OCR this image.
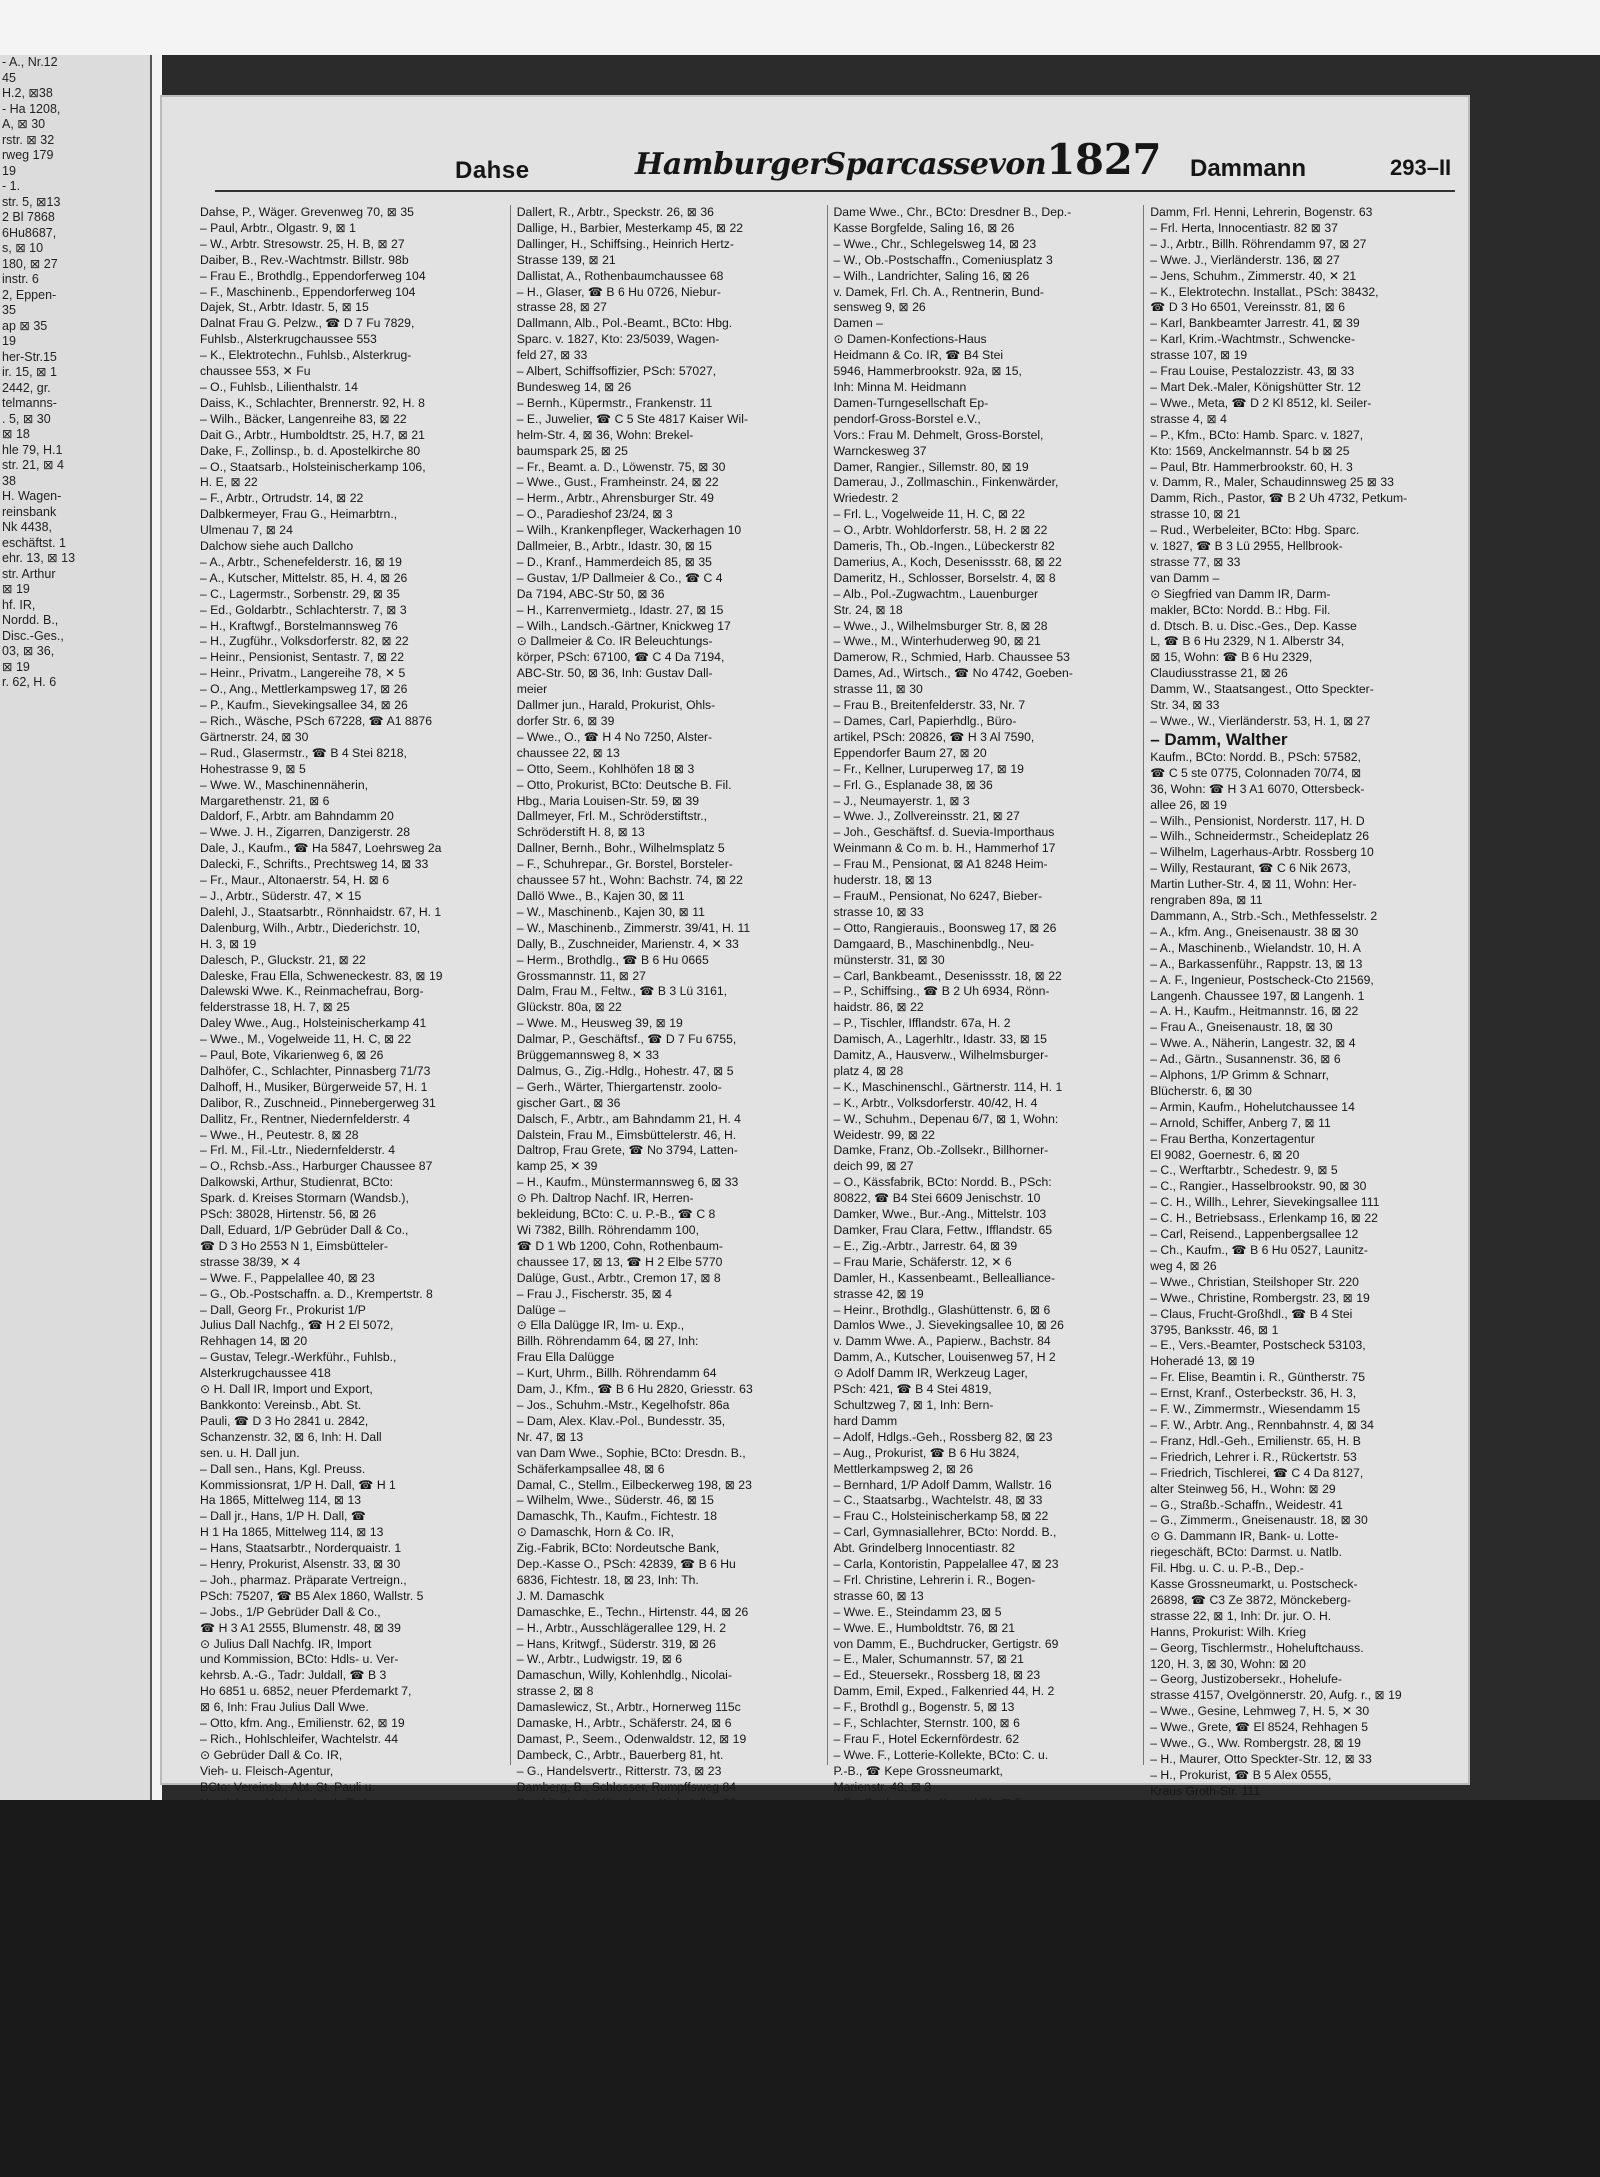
- A., Nr.12
45
H.2, ⊠38
- Ha 1208,
A, ⊠ 30
rstr. ⊠ 32
rweg 179
19
- 1.
str. 5, ⊠13
2 Bl 7868
6Hu8687,
s, ⊠ 10
180, ⊠ 27
instr. 6
2, Eppen-
35
ap ⊠ 35
19
her-Str.15
ir. 15, ⊠ 1
2442, gr.
telmanns-
. 5, ⊠ 30
⊠ 18
hle 79, H.1
str. 21, ⊠ 4
38
H. Wagen-
reinsbank
Nk 4438,
eschäftst. 1
ehr. 13, ⊠ 13
str. Arthur
⊠ 19
hf. IR,
Nordd. B.,
Disc.-Ges.,
03, ⊠ 36,
⊠ 19
r. 62, H. 6
Dahse	HamburgerSparcassevon1827 Dammann	293–II
Dahse, P., Wäger. Grevenweg 70, ⊠ 35
– Paul, Arbtr., Olgastr. 9, ⊠ 1
– W., Arbtr. Stresowstr. 25, H. B, ⊠ 27
Daiber, B., Rev.-Wachtmstr. Billstr. 98b
– Frau E., Brothdlg., Eppendorferweg 104
– F., Maschinenb., Eppendorferweg 104
Dajek, St., Arbtr. Idastr. 5, ⊠ 15
Dalnat Frau G. Pelzw., ☎ D 7 Fu 7829,
Fuhlsb., Alsterkrugchaussee 553
– K., Elektrotechn., Fuhlsb., Alsterkrug-
chaussee 553, ✕ Fu
– O., Fuhlsb., Lilienthalstr. 14
Daiss, K., Schlachter, Brennerstr. 92, H. 8
– Wilh., Bäcker, Langenreihe 83, ⊠ 22
Dait G., Arbtr., Humboldtstr. 25, H.7, ⊠ 21
Dake, F., Zollinsp., b. d. Apostelkirche 80
– O., Staatsarb., Holsteinischerkamp 106,
H. E, ⊠ 22
– F., Arbtr., Ortrudstr. 14, ⊠ 22
Dalbkermeyer, Frau G., Heimarbtrn.,
Ulmenau 7, ⊠ 24
Dalchow siehe auch Dallcho
– A., Arbtr., Schenefelderstr. 16, ⊠ 19
– A., Kutscher, Mittelstr. 85, H. 4, ⊠ 26
– C., Lagermstr., Sorbenstr. 29, ⊠ 35
– Ed., Goldarbtr., Schlachterstr. 7, ⊠ 3
– H., Kraftwgf., Borstelmannsweg 76
– H., Zugführ., Volksdorferstr. 82, ⊠ 22
– Heinr., Pensionist, Sentastr. 7, ⊠ 22
– Heinr., Privatm., Langereihe 78, ✕ 5
– O., Ang., Mettlerkampsweg 17, ⊠ 26
– P., Kaufm., Sievekingsallee 34, ⊠ 26
– Rich., Wäsche, PSch 67228, ☎ A1 8876
Gärtnerstr. 24, ⊠ 30
– Rud., Glasermstr., ☎ B 4 Stei 8218,
Hohestrasse 9, ⊠ 5
– Wwe. W., Maschinennäherin,
Margarethenstr. 21, ⊠ 6
Daldorf, F., Arbtr. am Bahndamm 20
– Wwe. J. H., Zigarren, Danzigerstr. 28
Dale, J., Kaufm., ☎ Ha 5847, Loehrsweg 2a
Dalecki, F., Schrifts., Prechtsweg 14, ⊠ 33
– Fr., Maur., Altonaerstr. 54, H. ⊠ 6
– J., Arbtr., Süderstr. 47, ✕ 15
Dalehl, J., Staatsarbtr., Rönnhaidstr. 67, H. 1
Dalenburg, Wilh., Arbtr., Diederichstr. 10,
H. 3, ⊠ 19
Dalesch, P., Gluckstr. 21, ⊠ 22
Daleske, Frau Ella, Schweneckestr. 83, ⊠ 19
Dalewski Wwe. K., Reinmachefrau, Borg-
felderstrasse 18, H. 7, ⊠ 25
Daley Wwe., Aug., Holsteinischerkamp 41
– Wwe., M., Vogelweide 11, H. C, ⊠ 22
– Paul, Bote, Vikarienweg 6, ⊠ 26
Dalhöfer, C., Schlachter, Pinnasberg 71/73
Dalhoff, H., Musiker, Bürgerweide 57, H. 1
Dalibor, R., Zuschneid., Pinnebergerweg 31
Dallitz, Fr., Rentner, Niedernfelderstr. 4
– Wwe., H., Peutestr. 8, ⊠ 28
– Frl. M., Fil.-Ltr., Niedernfelderstr. 4
– O., Rchsb.-Ass., Harburger Chaussee 87
Dalkowski, Arthur, Studienrat, BCto:
Spark. d. Kreises Stormarn (Wandsb.),
PSch: 38028, Hirtenstr. 56, ⊠ 26
Dall, Eduard, 1/P Gebrüder Dall & Co.,
☎ D 3 Ho 2553 N 1, Eimsbütteler-
strasse 38/39, ✕ 4
– Wwe. F., Pappelallee 40, ⊠ 23
– G., Ob.-Postschaffn. a. D., Krempertstr. 8
– Dall, Georg Fr., Prokurist 1/P
Julius Dall Nachfg., ☎ H 2 El 5072,
Rehhagen 14, ⊠ 20
– Gustav, Telegr.-Werkführ., Fuhlsb.,
Alsterkrugchaussee 418
⊙ H. Dall IR, Import und Export,
Bankkonto: Vereinsb., Abt. St.
Pauli, ☎ D 3 Ho 2841 u. 2842,
Schanzenstr. 32, ⊠ 6, Inh: H. Dall
sen. u. H. Dall jun.
– Dall sen., Hans, Kgl. Preuss.
Kommissionsrat, 1/P H. Dall, ☎ H 1
Ha 1865, Mittelweg 114, ⊠ 13
– Dall jr., Hans, 1/P H. Dall, ☎
H 1 Ha 1865, Mittelweg 114, ⊠ 13
– Hans, Staatsarbtr., Norderquaistr. 1
– Henry, Prokurist, Alsenstr. 33, ⊠ 30
– Joh., pharmaz. Präparate Vertreign.,
PSch: 75207, ☎ B5 Alex 1860, Wallstr. 5
– Jobs., 1/P Gebrüder Dall & Co.,
☎ H 3 A1 2555, Blumenstr. 48, ⊠ 39
⊙ Julius Dall Nachfg. IR, Import
und Kommission, BCto: Hdls- u. Ver-
kehrsb. A.-G., Tadr: Juldall, ☎ B 3
Ho 6851 u. 6852, neuer Pferdemarkt 7,
⊠ 6, Inh: Frau Julius Dall Wwe.
– Otto, kfm. Ang., Emilienstr. 62, ⊠ 19
– Rich., Hohlschleifer, Wachtelstr. 44
⊙ Gebrüder Dall & Co. IR,
Vieh- u. Fleisch-Agentur,
BCto: Vereinsb., Abt. St. Pauli u.
Dallert, R., Arbtr., Speckstr. 26, ⊠ 36
Dallige, H., Barbier, Mesterkamp 45, ⊠ 22
Dallinger, H., Schiffsing., Heinrich Hertz-
Strasse 139, ⊠ 21
Dallistat, A., Rothenbaumchaussee 68
– H., Glaser, ☎ B 6 Hu 0726, Niebur-
strasse 28, ⊠ 27
Dallmann, Alb., Pol.-Beamt., BCto: Hbg.
Sparc. v. 1827, Kto: 23/5039, Wagen-
feld 27, ⊠ 33
– Albert, Schiffsoffizier, PSch: 57027,
Bundesweg 14, ⊠ 26
– Bernh., Küpermstr., Frankenstr. 11
– E., Juwelier, ☎ C 5 Ste 4817 Kaiser Wil-
helm-Str. 4, ⊠ 36, Wohn: Brekel-
baumspark 25, ⊠ 25
– Fr., Beamt. a. D., Löwenstr. 75, ⊠ 30
– Wwe., Gust., Framheinstr. 24, ⊠ 22
– Herm., Arbtr., Ahrensburger Str. 49
– O., Paradieshof 23/24, ⊠ 3
– Wilh., Krankenpfleger, Wackerhagen 10
Dallmeier, B., Arbtr., Idastr. 30, ⊠ 15
– D., Kranf., Hammerdeich 85, ⊠ 35
– Gustav, 1/P Dallmeier & Co., ☎ C 4
Da 7194, ABC-Str 50, ⊠ 36
– H., Karrenvermietg., Idastr. 27, ⊠ 15
– Wilh., Landsch.-Gärtner, Knickweg 17
⊙ Dallmeier & Co. IR Beleuchtungs-
körper, PSch: 67100, ☎ C 4 Da 7194,
ABC-Str. 50, ⊠ 36, Inh: Gustav Dall-
meier
Dallmer jun., Harald, Prokurist, Ohls-
dorfer Str. 6, ⊠ 39
– Wwe., O., ☎ H 4 No 7250, Alster-
chaussee 22, ⊠ 13
– Otto, Seem., Kohlhöfen 18 ⊠ 3
– Otto, Prokurist, BCto: Deutsche B. Fil.
Hbg., Maria Louisen-Str. 59, ⊠ 39
Dallmeyer, Frl. M., Schröderstiftstr.,
Schröderstift H. 8, ⊠ 13
Dallner, Bernh., Bohr., Wilhelmsplatz 5
– F., Schuhrepar., Gr. Borstel, Borsteler-
chaussee 57 ht., Wohn: Bachstr. 74, ⊠ 22
Dallö Wwe., B., Kajen 30, ⊠ 11
– W., Maschinenb., Kajen 30, ⊠ 11
– W., Maschinenb., Zimmerstr. 39/41, H. 11
Dally, B., Zuschneider, Marienstr. 4, ✕ 33
– Herm., Brothdlg., ☎ B 6 Hu 0665
Grossmannstr. 11, ⊠ 27
Dalm, Frau M., Feltw., ☎ B 3 Lü 3161,
Glückstr. 80a, ⊠ 22
– Wwe. M., Heusweg 39, ⊠ 19
Dalmar, P., Geschäftsf., ☎ D 7 Fu 6755,
Brüggemannsweg 8, ✕ 33
Dalmus, G., Zig.-Hdlg., Hohestr. 47, ⊠ 5
– Gerh., Wärter, Thiergartenstr. zoolo-
gischer Gart., ⊠ 36
Dalsch, F., Arbtr., am Bahndamm 21, H. 4
Dalstein, Frau M., Eimsbüttelerstr. 46, H.
Daltrop, Frau Grete, ☎ No 3794, Latten-
kamp 25, ✕ 39
– H., Kaufm., Münstermannsweg 6, ⊠ 33
⊙ Ph. Daltrop Nachf. IR, Herren-
bekleidung, BCto: C. u. P.-B., ☎ C 8
Wi 7382, Billh. Röhrendamm 100,
☎ D 1 Wb 1200, Cohn, Rothenbaum-
chaussee 17, ⊠ 13, ☎ H 2 Elbe 5770
Dalüge, Gust., Arbtr., Cremon 17, ⊠ 8
– Frau J., Fischerstr. 35, ⊠ 4
Dalüge –
⊙ Ella Dalügge IR, Im- u. Exp.,
Billh. Röhrendamm 64, ⊠ 27, Inh:
Frau Ella Dalügge
– Kurt, Uhrm., Billh. Röhrendamm 64
Dam, J., Kfm., ☎ B 6 Hu 2820, Griesstr. 63
– Jos., Schuhm.-Mstr., Kegelhofstr. 86a
– Dam, Alex. Klav.-Pol., Bundesstr. 35,
Nr. 47, ⊠ 13
van Dam Wwe., Sophie, BCto: Dresdn. B.,
Schäferkampsallee 48, ⊠ 6
Damal, C., Stellm., Eilbeckerweg 198, ⊠ 23
– Wilhelm, Wwe., Süderstr. 46, ⊠ 15
Damaschk, Th., Kaufm., Fichtestr. 18
⊙ Damaschk, Horn & Co. IR,
Zig.-Fabrik, BCto: Nordeutsche Bank,
Dep.-Kasse O., PSch: 42839, ☎ B 6 Hu
6836, Fichtestr. 18, ⊠ 23, Inh: Th.
J. M. Damaschk
Damaschke, E., Techn., Hirtenstr. 44, ⊠ 26
– H., Arbtr., Ausschlägerallee 129, H. 2
– Hans, Kritwgf., Süderstr. 319, ⊠ 26
– W., Arbtr., Ludwigstr. 19, ⊠ 6
Damaschun, Willy, Kohlenhdlg., Nicolai-
strasse 2, ⊠ 8
Damaslewicz, St., Arbtr., Hornerweg 115c
Damaske, H., Arbtr., Schäferstr. 24, ⊠ 6
Damast, P., Seem., Odenwaldstr. 12, ⊠ 19
Dambeck, C., Arbtr., Bauerberg 81, ht.
– G., Handelsvertr., Ritterstr. 73, ⊠ 23
Damberg, B., Schlosser, Rumpffsweg 84
Dame Wwe., Chr., BCto: Dresdner B., Dep.-
Kasse Borgfelde, Saling 16, ⊠ 26
– Wwe., Chr., Schlegelsweg 14, ⊠ 23
– W., Ob.-Postschaffn., Comeniusplatz 3
– Wilh., Landrichter, Saling 16, ⊠ 26
v. Damek, Frl. Ch. A., Rentnerin, Bund-
sensweg 9, ⊠ 26
Damen –
⊙ Damen-Konfections-Haus
Heidmann & Co. IR, ☎ B4 Stei
5946, Hammerbrookstr. 92a, ⊠ 15,
Inh: Minna M. Heidmann
Damen-Turngesellschaft Ep-
pendorf-Gross-Borstel e.V.,
Vors.: Frau M. Dehmelt, Gross-Borstel,
Warnckesweg 37
Damer, Rangier., Sillemstr. 80, ⊠ 19
Damerau, J., Zollmaschin., Finkenwärder,
Wriedestr. 2
– Frl. L., Vogelweide 11, H. C, ⊠ 22
– O., Arbtr. Wohldorferstr. 58, H. 2 ⊠ 22
Dameris, Th., Ob.-Ingen., Lübeckerstr 82
Damerius, A., Koch, Desenissstr. 68, ⊠ 22
Dameritz, H., Schlosser, Borselstr. 4, ⊠ 8
– Alb., Pol.-Zugwachtm., Lauenburger
Str. 24, ⊠ 18
– Wwe., J., Wilhelmsburger Str. 8, ⊠ 28
– Wwe., M., Winterhuderweg 90, ⊠ 21
Damerow, R., Schmied, Harb. Chaussee 53
Dames, Ad., Wirtsch., ☎ No 4742, Goeben-
strasse 11, ⊠ 30
– Frau B., Breitenfelderstr. 33, Nr. 7
– Dames, Carl, Papierhdlg., Büro-
artikel, PSch: 20826, ☎ H 3 Al 7590,
Eppendorfer Baum 27, ⊠ 20
– Fr., Kellner, Luruperweg 17, ⊠ 19
– Frl. G., Esplanade 38, ⊠ 36
– J., Neumayerstr. 1, ⊠ 3
– Wwe. J., Zollvereinsstr. 21, ⊠ 27
– Joh., Geschäftsf. d. Suevia-Importhaus
Weinmann & Co m. b. H., Hammerhof 17
– Frau M., Pensionat, ⊠ A1 8248 Heim-
huderstr. 18, ⊠ 13
– FrauM., Pensionat, No 6247, Bieber-
strasse 10, ⊠ 33
– Otto, Rangierauis., Boonsweg 17, ⊠ 26
Damgaard, B., Maschinenbdlg., Neu-
münsterstr. 31, ⊠ 30
– Carl, Bankbeamt., Desenissstr. 18, ⊠ 22
– P., Schiffsing., ☎ B 2 Uh 6934, Rönn-
haidstr. 86, ⊠ 22
– P., Tischler, Ifflandstr. 67a, H. 2
Damisch, A., Lagerhltr., Idastr. 33, ⊠ 15
Damitz, A., Hausverw., Wilhelmsburger-
platz 4, ⊠ 28
– K., Maschinenschl., Gärtnerstr. 114, H. 1
– K., Arbtr., Volksdorferstr. 40/42, H. 4
– W., Schuhm., Depenau 6/7, ⊠ 1, Wohn:
Weidestr. 99, ⊠ 22
Damke, Franz, Ob.-Zollsekr., Billhorner-
deich 99, ⊠ 27
– O., Kässfabrik, BCto: Nordd. B., PSch:
80822, ☎ B4 Stei 6609 Jenischstr. 10
Damker, Wwe., Bur.-Ang., Mittelstr. 103
Damker, Frau Clara, Fettw., Ifflandstr. 65
– E., Zig.-Arbtr., Jarrestr. 64, ⊠ 39
– Frau Marie, Schäferstr. 12, ✕ 6
Damler, H., Kassenbeamt., Bellealliance-
strasse 42, ⊠ 19
– Heinr., Brothdlg., Glashüttenstr. 6, ⊠ 6
Damlos Wwe., J. Sievekingsallee 10, ⊠ 26
v. Damm Wwe. A., Papierw., Bachstr. 84
Damm, A., Kutscher, Louisenweg 57, H 2
⊙ Adolf Damm IR, Werkzeug Lager,
PSch: 421, ☎ B 4 Stei 4819,
Schultzweg 7, ⊠ 1, Inh: Bern-
hard Damm
– Adolf, Hdlgs.-Geh., Rossberg 82, ⊠ 23
– Aug., Prokurist, ☎ B 6 Hu 3824,
Mettlerkampsweg 2, ⊠ 26
– Bernhard, 1/P Adolf Damm, Wallstr. 16
– C., Staatsarbg., Wachtelstr. 48, ⊠ 33
– Frau C., Holsteinischerkamp 58, ⊠ 22
– Carl, Gymnasiallehrer, BCto: Nordd. B.,
Abt. Grindelberg Innocentiastr. 82
– Carla, Kontoristin, Pappelallee 47, ⊠ 23
– Frl. Christine, Lehrerin i. R., Bogen-
strasse 60, ⊠ 13
– Wwe. E., Steindamm 23, ⊠ 5
– Wwe. E., Humboldtstr. 76, ⊠ 21
von Damm, E., Buchdrucker, Gertigstr. 69
– E., Maler, Schumannstr. 57, ⊠ 21
– Ed., Steuersekr., Rossberg 18, ⊠ 23
Damm, Emil, Exped., Falkenried 44, H. 2
– F., Brothdl g., Bogenstr. 5, ⊠ 13
– F., Schlachter, Sternstr. 100, ⊠ 6
– Frau F., Hotel Eckernfördestr. 62
– Wwe. F., Lotterie-Kollekte, BCto: C. u.
P.-B., ☎ Kepe Grossneumarkt,
Marienstr. 48, ⊠ 3
Damm, Frl. Henni, Lehrerin, Bogenstr. 63
– Frl. Herta, Innocentiastr. 82 ⊠ 37
– J., Arbtr., Billh. Röhrendamm 97, ⊠ 27
– Wwe. J., Vierländerstr. 136, ⊠ 27
– Jens, Schuhm., Zimmerstr. 40, ✕ 21
– K., Elektrotechn. Installat., PSch: 38432,
☎ D 3 Ho 6501, Vereinsstr. 81, ⊠ 6
– Karl, Bankbeamter Jarrestr. 41, ⊠ 39
– Karl, Krim.-Wachtmstr., Schwencke-
strasse 107, ⊠ 19
– Frau Louise, Pestalozzistr. 43, ⊠ 33
– Mart Dek.-Maler, Königshütter Str. 12
– Wwe., Meta, ☎ D 2 Kl 8512, kl. Seiler-
strasse 4, ⊠ 4
– P., Kfm., BCto: Hamb. Sparc. v. 1827,
Kto: 1569, Anckelmannstr. 54 b ⊠ 25
– Paul, Btr. Hammerbrookstr. 60, H. 3
v. Damm, R., Maler, Schaudinnsweg 25 ⊠ 33
Damm, Rich., Pastor, ☎ B 2 Uh 4732, Petkum-
strasse 10, ⊠ 21
– Rud., Werbeleiter, BCto: Hbg. Sparc.
v. 1827, ☎ B 3 Lü 2955, Hellbrook-
strasse 77, ⊠ 33
van Damm –
⊙ Siegfried van Damm IR, Darm-
makler, BCto: Nordd. B.: Hbg. Fil.
d. Dtsch. B. u. Disc.-Ges., Dep. Kasse
L, ☎ B 6 Hu 2329, N 1. Alberstr 34,
⊠ 15, Wohn: ☎ B 6 Hu 2329,
Claudiusstrasse 21, ⊠ 26
Damm, W., Staatsangest., Otto Speckter-
Str. 34, ⊠ 33
– Wwe., W., Vierländerstr. 53, H. 1, ⊠ 27
– Damm, Walther
Kaufm., BCto: Nordd. B., PSch: 57582,
☎ C 5 ste 0775, Colonnaden 70/74, ⊠
36, Wohn: ☎ H 3 A1 6070, Ottersbeck-
allee 26, ⊠ 19
– Wilh., Pensionist, Norderstr. 117, H. D
– Wilh., Schneidermstr., Scheideplatz 26
– Wilhelm, Lagerhaus-Arbtr. Rossberg 10
– Willy, Restaurant, ☎ C 6 Nik 2673,
Martin Luther-Str. 4, ⊠ 11, Wohn: Her-
rengraben 89a, ⊠ 11
Dammann, A., Strb.-Sch., Methfesselstr. 2
– A., kfm. Ang., Gneisenaustr. 38 ⊠ 30
– A., Maschinenb., Wielandstr. 10, H. A
– A., Barkassenführ., Rappstr. 13, ⊠ 13
– A. F., Ingenieur, Postscheck-Cto 21569,
Langenh. Chaussee 197, ⊠ Langenh. 1
– A. H., Kaufm., Heitmannstr. 16, ⊠ 22
– Frau A., Gneisenaustr. 18, ⊠ 30
– Wwe. A., Näherin, Langestr. 32, ⊠ 4
– Ad., Gärtn., Susannenstr. 36, ⊠ 6
– Alphons, 1/P Grimm & Schnarr,
Blücherstr. 6, ⊠ 30
– Armin, Kaufm., Hohelutchaussee 14
– Arnold, Schiffer, Anberg 7, ⊠ 11
– Frau Bertha, Konzertagentur
El 9082, Goernestr. 6, ⊠ 20
– C., Werftarbtr., Schedestr. 9, ⊠ 5
– C., Rangier., Hasselbrookstr. 90, ⊠ 30
– C. H., Willh., Lehrer, Sievekingsallee 111
– C. H., Betriebsass., Erlenkamp 16, ⊠ 22
– Carl, Reisend., Lappenbergsallee 12
– Ch., Kaufm., ☎ B 6 Hu 0527, Launitz-
weg 4, ⊠ 26
– Wwe., Christian, Steilshoper Str. 220
– Wwe., Christine, Rombergstr. 23, ⊠ 19
– Claus, Frucht-Großhdl., ☎ B 4 Stei
3795, Banksstr. 46, ⊠ 1
– E., Vers.-Beamter, Postscheck 53103,
Hoheradé 13, ⊠ 19
– Fr. Elise, Beamtin i. R., Güntherstr. 75
– Ernst, Kranf., Osterbeckstr. 36, H. 3,
– F. W., Zimmermstr., Wiesendamm 15
– F. W., Arbtr. Ang., Rennbahnstr. 4, ⊠ 34
– Franz, Hdl.-Geh., Emilienstr. 65, H. B
– Friedrich, Lehrer i. R., Rückertstr. 53
– Friedrich, Tischlerei, ☎ C 4 Da 8127,
alter Steinweg 56, H., Wohn: ⊠ 29
– G., Straßb.-Schaffn., Weidestr. 41
– G., Zimmerm., Gneisenaustr. 18, ⊠ 30
⊙ G. Dammann IR, Bank- u. Lotte-
riegeschäft, BCto: Darmst. u. Natlb.
Fil. Hbg. u. C. u. P.-B., Dep.-
Kasse Grossneumarkt, u. Postscheck-
26898, ☎ C3 Ze 3872, Mönckeberg-
strasse 22, ⊠ 1, Inh: Dr. jur. O. H.
Hanns, Prokurist: Wilh. Krieg
– Georg, Tischlermstr., Hoheluftchauss.
120, H. 3, ⊠ 30, Wohn: ⊠ 20
– Georg, Justizobersekr., Hohelufe-
strasse 4157, Ovelgönnerstr. 20, Aufg. r., ⊠ 19
– Wwe., Gesine, Lehmweg 7, H. 5, ✕ 30
– Wwe., Grete, ☎ El 8524, Rehhagen 5
– Wwe., G., Ww. Rombergstr. 28, ⊠ 19
– H., Maurer, Otto Speckter-Str. 12, ⊠ 33
– H., Prokurist, ☎ B 5 Alex 0555,
Kraus Groth-Str. 111
